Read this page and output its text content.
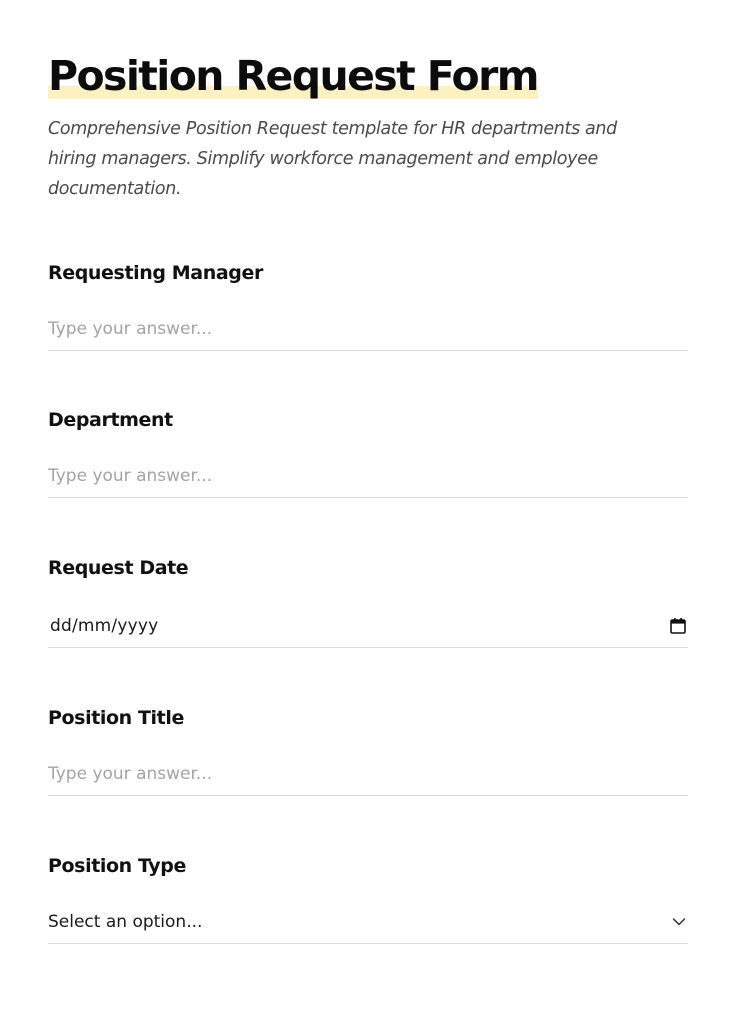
Position Request Form

Comprehensive Position Request template for HR departments and hiring managers. Simplify workforce management and employee documentation.

Requesting Manager
Type your answer...
Department
Type your answer...
Request Date
dd/mm/yyyy
Position Title
Type your answer...
Position Type
Select an option...
